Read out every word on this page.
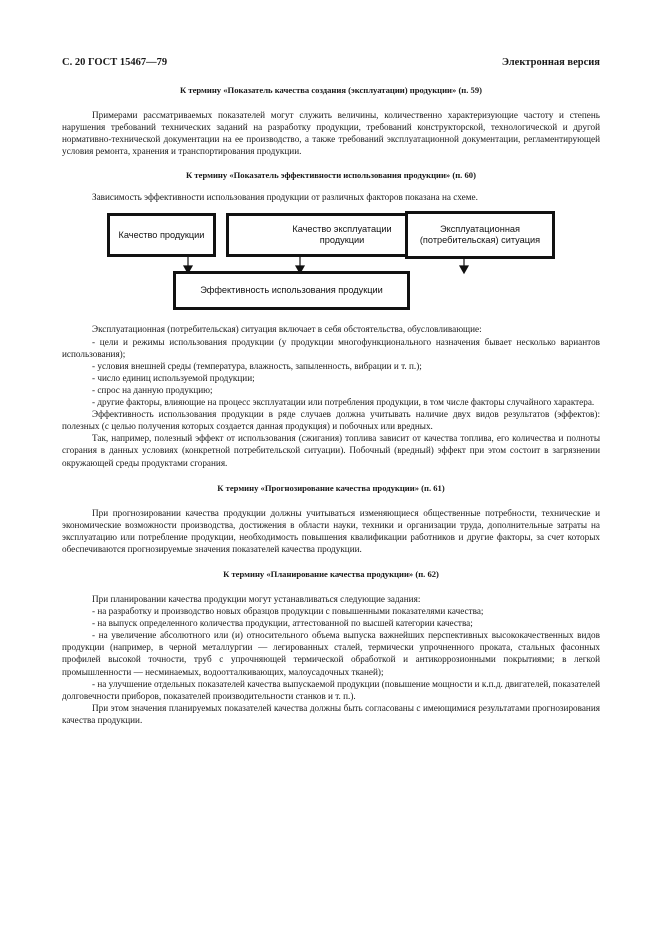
С. 20 ГОСТ 15467—79	Электронная версия
К термину «Показатель качества создания (эксплуатации) продукции» (п. 59)

Примерами рассматриваемых показателей могут служить величины, количественно характеризующие частоту и степень нарушения требований технических заданий на разработку продукции, требований конструкторской, технологической и другой нормативно-технической документации на ее производство, а также требований эксплуатационной документации, регламентирующей условия ремонта, хранения и транспортирования продукции.

К термину «Показатель эффективности использования продукции» (п. 60)

Зависимость эффективности использования продукции от различных факторов показана на схеме.

Качество продукции
Качество эксплуатации продукции
Эксплуатационная (потребительская) ситуация
Эффективность использования продукции

Эксплуатационная (потребительская) ситуация включает в себя обстоятельства, обусловливающие:

- цели и режимы использования продукции (у продукции многофункционального назначения бывает несколько вариантов использования);

- условия внешней среды (температура, влажность, запыленность, вибрации и т. п.);

- число единиц используемой продукции;

- спрос на данную продукцию;

- другие факторы, влияющие на процесс эксплуатации или потребления продукции, в том числе факторы случайного характера.

Эффективность использования продукции в ряде случаев должна учитывать наличие двух видов результатов (эффектов): полезных (с целью получения которых создается данная продукция) и побочных или вредных.

Так, например, полезный эффект от использования (сжигания) топлива зависит от качества топлива, его количества и полноты сгорания в данных условиях (конкретной потребительской ситуации). Побочный (вредный) эффект при этом состоит в загрязнении окружающей среды продуктами сгорания.

К термину «Прогнозирование качества продукции» (п. 61)

При прогнозировании качества продукции должны учитываться изменяющиеся общественные потребности, технические и экономические возможности производства, достижения в области науки, техники и организации труда, дополнительные затраты на эксплуатацию или потребление продукции, необходимость повышения квалификации работников и другие факторы, за счет которых обеспечиваются прогнозируемые значения показателей качества продукции.

К термину «Планирование качества продукции» (п. 62)

При планировании качества продукции могут устанавливаться следующие задания:

- на разработку и производство новых образцов продукции с повышенными показателями качества;

- на выпуск определенного количества продукции, аттестованной по высшей категории качества;

- на увеличение абсолютного или (и) относительного объема выпуска важнейших перспективных высококачественных видов продукции (например, в черной металлургии — легированных сталей, термически упрочненного проката, стальных фасонных профилей высокой точности, труб с упрочняющей термической обработкой и антикоррозионными покрытиями; в легкой промышленности — несминаемых, водоотталкивающих, малоусадочных тканей);

- на улучшение отдельных показателей качества выпускаемой продукции (повышение мощности и к.п.д. двигателей, показателей долговечности приборов, показателей производительности станков и т. п.).

При этом значения планируемых показателей качества должны быть согласованы с имеющимися результатами прогнозирования качества продукции.
